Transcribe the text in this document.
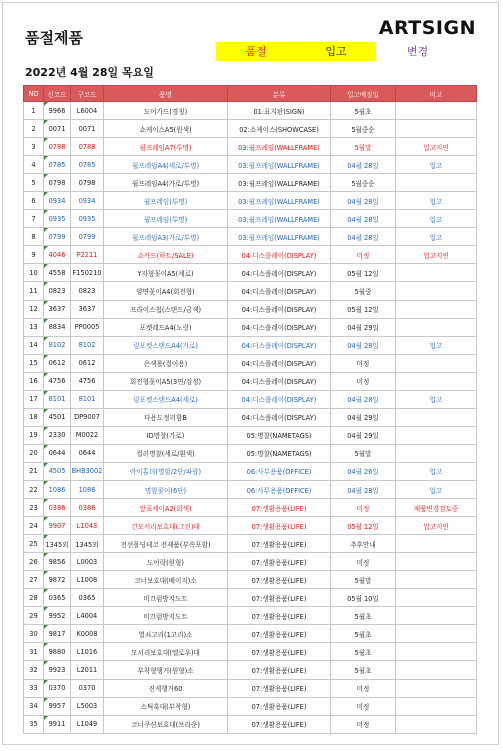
품절제품	ARTSIGN
품절	입고	변경
2022년 4월 28일 목요일
NO	신코드	구코드	품명	분류	입고예정일	비고
1	9966	L6004	도어가드(경칭)	01:표지판(SIGN)	5월초	
2	0071	0071	쇼케이스A5(원색)	02:쇼케이스(SHOWCASE)	5월중순	
3	0788	0788	월프레임A7(투명)	03:월프레임(WALLFRAME)	5월말	입고지연
4	0785	0785	월프레임A4(세로/투명)	03:월프레임(WALLFRAME)	04월 28일	입고
5	0798	0798	월프레임A4(가로/투명)	03:월프레임(WALLFRAME)	5월중순	
6	0934	0934	월프레임(투명)	03:월프레임(WALLFRAME)	04월 28일	입고
7	0935	0935	월프레임(투명)	03:월프레임(WALLFRAME)	04월 28일	입고
8	0799	0799	월프레임A3(가로/투명)	03:월프레임(WALLFRAME)	04월 28일	입고
9	4046	P2211	쇼카드(하트/SALE)	04:디스플레이(DISPLAY)	미정	입고지연
10	4558	F150210	Y자형꽂이A5(세로)	04:디스플레이(DISPLAY)	05월 12일	
11	0823	0823	양면꽂이A4(회전형)	04:디스플레이(DISPLAY)	5월중	
12	3637	3637	프라이스칩(스탠드/금색)	04:디스플레이(DISPLAY)	05월 12일	
13	8834	PP0005	포켓레드A4(노랑)	04:디스플레이(DISPLAY)	04월 29일	
14	8102	8102	링포켓스탠드A4(가로)	04:디스플레이(DISPLAY)	04월 28일	입고
15	0612	0612	은색롤(접이용)	04:디스플레이(DISPLAY)	미정	
16	4756	4756	회전형꽂이A5(3면/검정)	04:디스플레이(DISPLAY)	미정	
17	8101	8101	링포켓스탠드A4(세로)	04:디스플레이(DISPLAY)	04월 28일	입고
18	4501	DP9007	다용도정리함B	04:디스플레이(DISPLAY)	04월 29일	
19	2330	M0022	ID명찰(가로)	05:명찰(NAMETAGS)	04월 29일	
20	0644	0644	컬러명찰(세로/흰색)	05:명찰(NAMETAGS)	5월말	
21	4505	BHB3002	아이홀더(명함/2단/파랑)	06:사무용품(OFFICE)	04월 26일	입고
22	1086	1086	명함꽂이(6단)	06:사무용품(OFFICE)	04월 28일	입고
23	0386	0386	앞표케이A2(회색)	07:생활용품(LIFE)	미정	제품변경검토중
24	9907	L1043	긴모서리보호대(그린)대	07:생활용품(LIFE)	05월 12일	입고지연
25	1345외	1345외	전선몰딩테코 전제품(부속포함)	07:생활용품(LIFE)	추후안내	
26	9856	L0003	도어락(원형)	07:생활용품(LIFE)	미정	
27	9872	L1008	코너보호대(베이지)소	07:생활용품(LIFE)	5월말	
28	0365	0365	미끄럼방지도트	07:생활용품(LIFE)	05월 10일	
29	9952	L4004	미끄럼방지도트	07:생활용품(LIFE)	5월초	
30	9817	K0008	열쇠고리(1고리)소	07:생활용품(LIFE)	5월초	
31	9880	L1016	모서리보호대(엘로우)대	07:생활용품(LIFE)	5월초	
32	9923	L2011	부착형행거(원형)소	07:생활용품(LIFE)	5월초	
33	0370	0370	진게행거60	07:생활용품(LIFE)	미정	
34	9957	L5003	스틱훅대(부착형)	07:생활용품(LIFE)	미정	
35	9911	L1049	코너쿠션보호대(브라운)	07:생활용품(LIFE)	미정	
